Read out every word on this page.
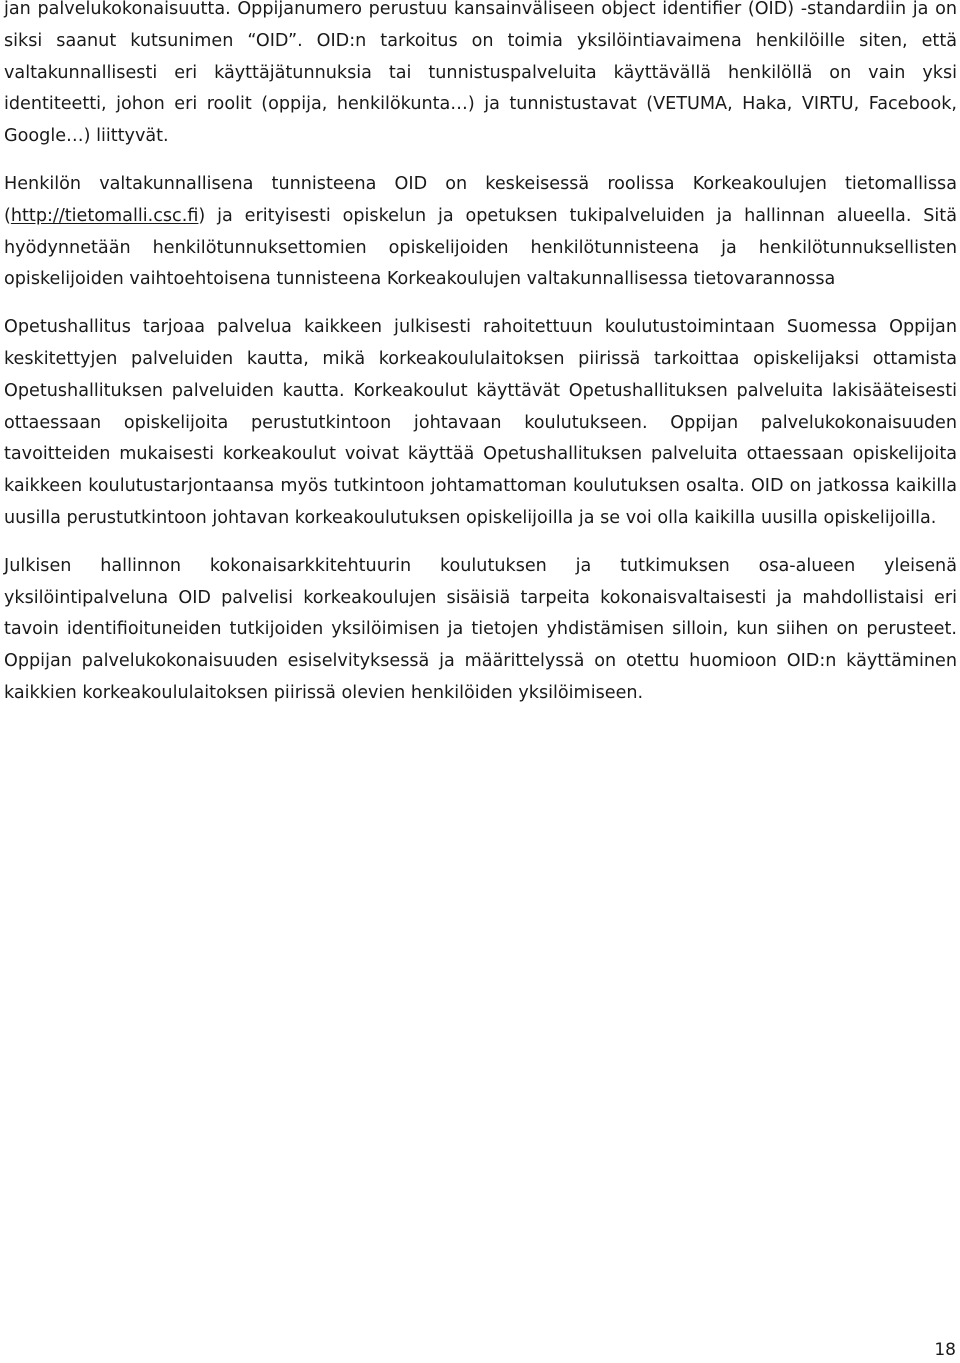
jan palvelukokonaisuutta. Oppijanumero perustuu kansainväliseen object identifier (OID) -standardiin ja on siksi saanut kutsunimen “OID”. OID:n tarkoitus on toimia yksilöintiavaimena henkilöille siten, että valtakunnallisesti eri käyttäjätunnuksia tai tunnistuspalveluita käyttävällä henkilöllä on vain yksi identiteetti, johon eri roolit (oppija, henkilökunta…) ja tunnistustavat (VETUMA, Haka, VIRTU, Facebook, Google…) liittyvät.

Henkilön valtakunnallisena tunnisteena OID on keskeisessä roolissa Korkeakoulujen tietomallissa (http://tietomalli.csc.fi) ja erityisesti opiskelun ja opetuksen tukipalveluiden ja hallinnan alueella. Sitä hyödynnetään henkilötunnuksettomien opiskelijoiden henkilötunnisteena ja henkilötunnuksellisten opiskelijoiden vaihtoehtoisena tunnisteena Korkeakoulujen valtakunnallisessa tietovarannossa

Opetushallitus tarjoaa palvelua kaikkeen julkisesti rahoitettuun koulutustoimintaan Suomessa Oppijan keskitettyjen palveluiden kautta, mikä korkeakoululaitoksen piirissä tarkoittaa opiskelijaksi ottamista Opetushallituksen palveluiden kautta. Korkeakoulut käyttävät Opetushallituksen palveluita lakisääteisesti ottaessaan opiskelijoita perustutkintoon johtavaan koulutukseen. Oppijan palvelukokonaisuuden tavoitteiden mukaisesti korkeakoulut voivat käyttää Opetushallituksen palveluita ottaessaan opiskelijoita kaikkeen koulutustarjontaansa myös tutkintoon johtamattoman koulutuksen osalta. OID on jatkossa kaikilla uusilla perustutkintoon johtavan korkeakoulutuksen opiskelijoilla ja se voi olla kaikilla uusilla opiskelijoilla.

Julkisen hallinnon kokonaisarkkitehtuurin koulutuksen ja tutkimuksen osa-alueen yleisenä yksilöintipalveluna OID palvelisi korkeakoulujen sisäisiä tarpeita kokonaisvaltaisesti ja mahdollistaisi eri tavoin identifioituneiden tutkijoiden yksilöimisen ja tietojen yhdistämisen silloin, kun siihen on perusteet. Oppijan palvelukokonaisuuden esiselvityksessä ja määrittelyssä on otettu huomioon OID:n käyttäminen kaikkien korkeakoululaitoksen piirissä olevien henkilöiden yksilöimiseen.

18
